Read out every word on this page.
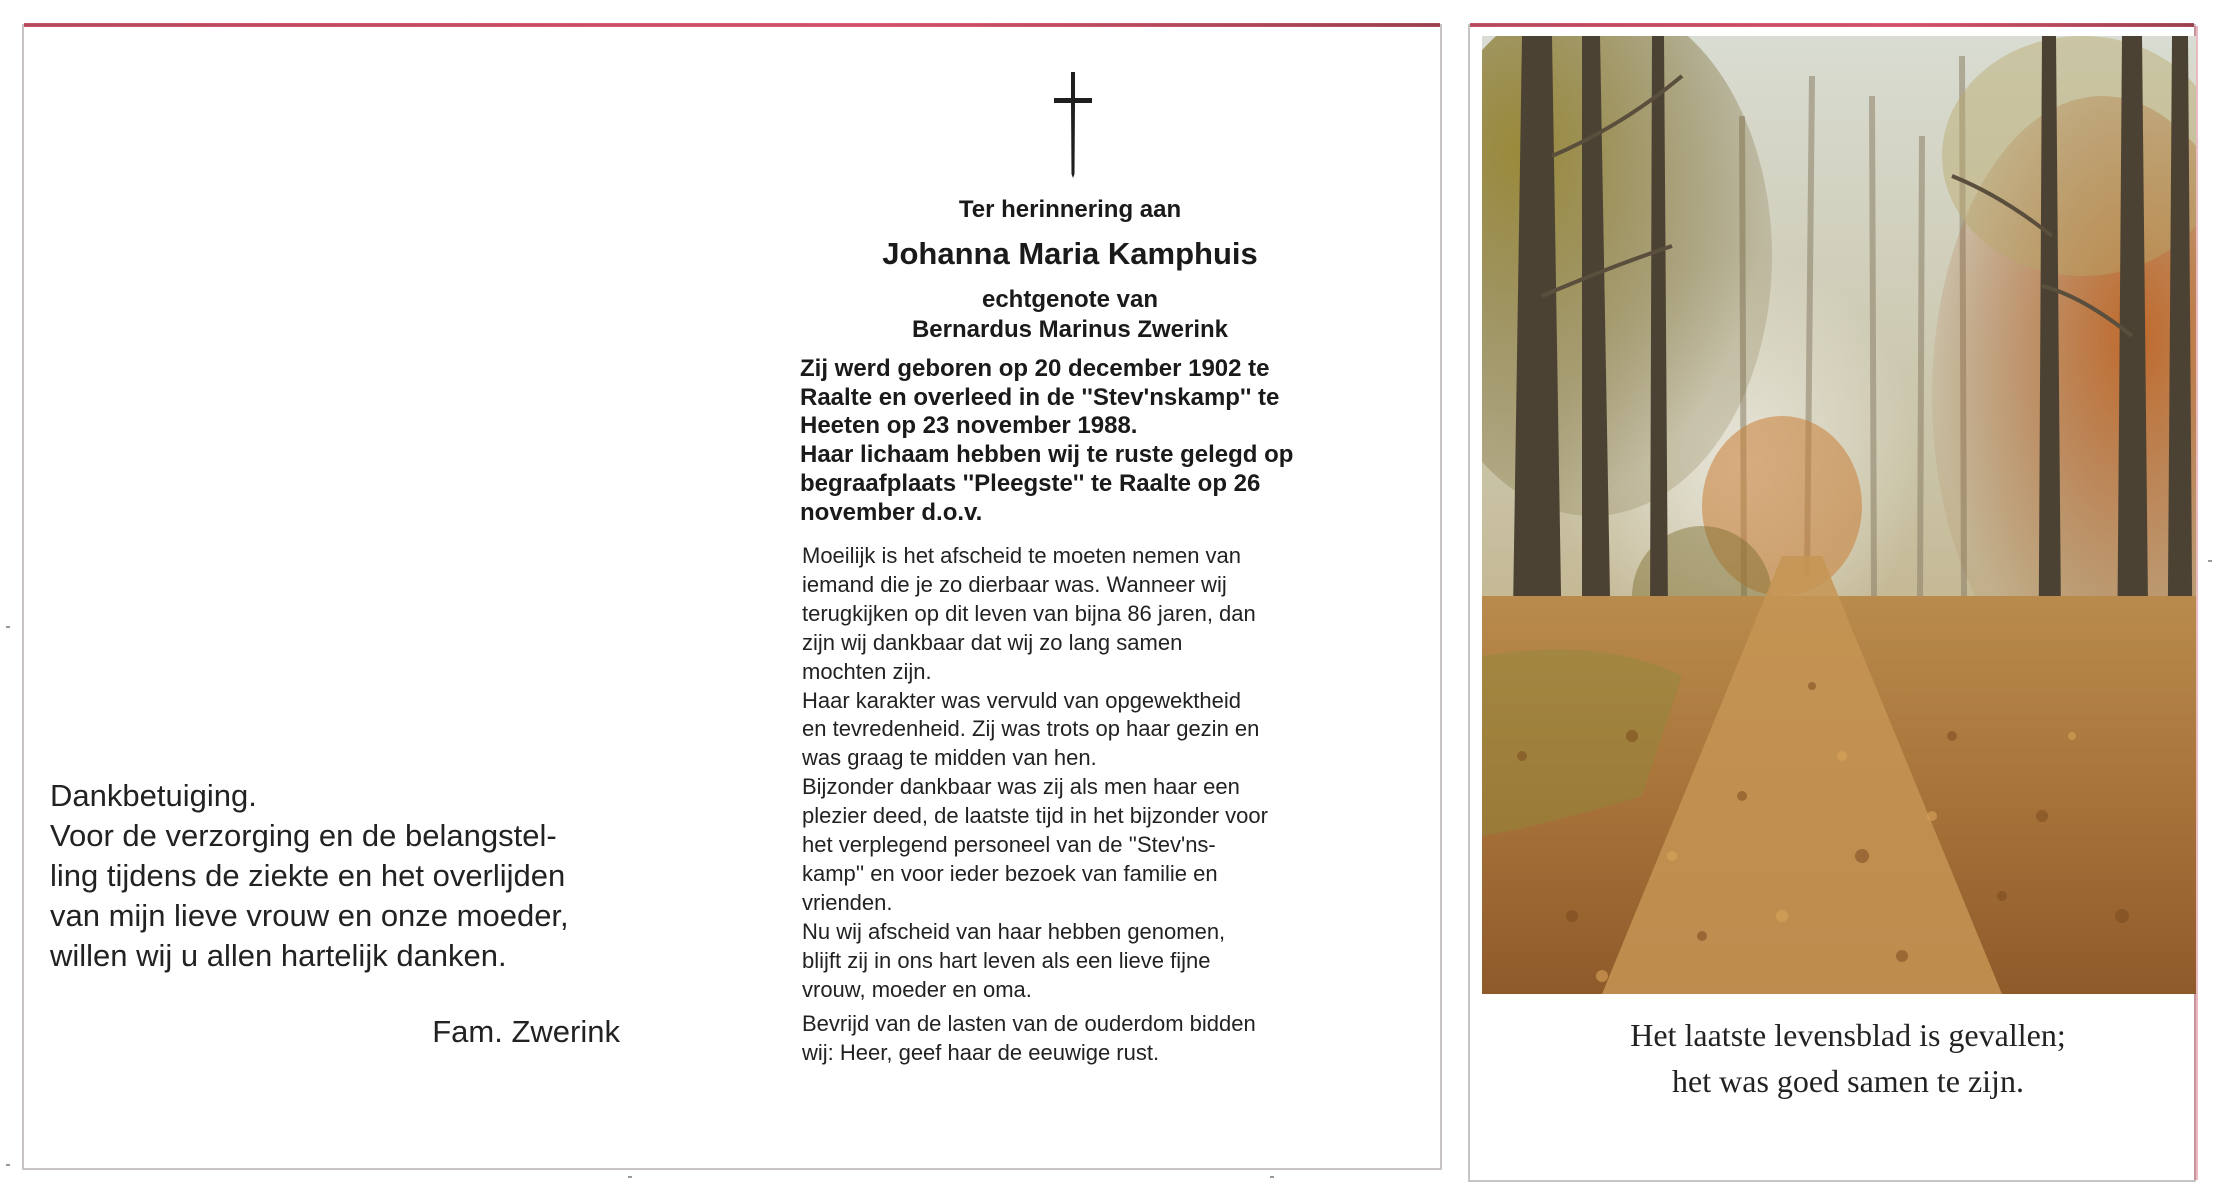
Dankbetuiging.
Voor de verzorging en de belangstel-
ling tijdens de ziekte en het overlijden
van mijn lieve vrouw en onze moeder,
willen wij u allen hartelijk danken.
Fam. Zwerink
Ter herinnering aan
Johanna Maria Kamphuis
echtgenote van
Bernardus Marinus Zwerink
Zij werd geboren op 20 december 1902 te
Raalte en overleed in de ''Stev'nskamp'' te
Heeten op 23 november 1988.
Haar lichaam hebben wij te ruste gelegd op
begraafplaats ''Pleegste'' te Raalte op 26
november d.o.v.
Moeilijk is het afscheid te moeten nemen van
iemand die je zo dierbaar was. Wanneer wij
terugkijken op dit leven van bijna 86 jaren, dan
zijn wij dankbaar dat wij zo lang samen
mochten zijn.
Haar karakter was vervuld van opgewektheid
en tevredenheid. Zij was trots op haar gezin en
was graag te midden van hen.
Bijzonder dankbaar was zij als men haar een
plezier deed, de laatste tijd in het bijzonder voor
het verplegend personeel van de ''Stev'ns-
kamp'' en voor ieder bezoek van familie en
vrienden.
Nu wij afscheid van haar hebben genomen,
blijft zij in ons hart leven als een lieve fijne
vrouw, moeder en oma.
Bevrijd van de lasten van de ouderdom bidden
wij: Heer, geef haar de eeuwige rust.	Het laatste levensblad is gevallen;
het was goed samen te zijn.
